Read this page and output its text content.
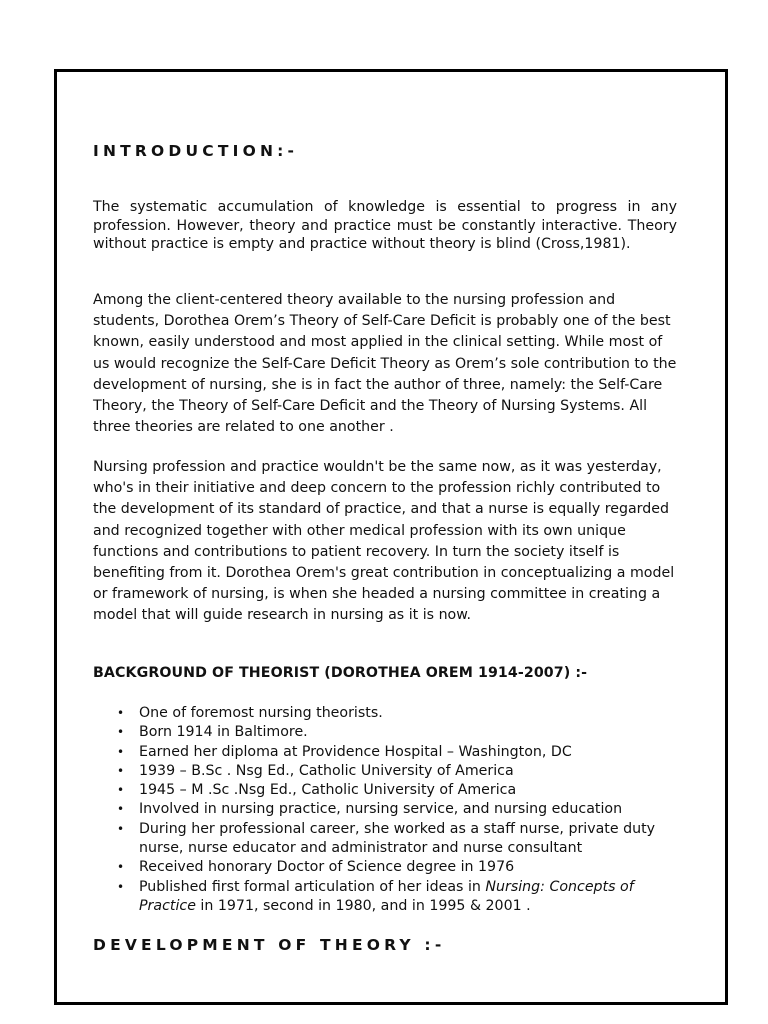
INTRODUCTION:-

The systematic accumulation of knowledge is essential to progress in any profession. However, theory and practice must be constantly interactive. Theory without practice is empty and practice without theory is blind (Cross,1981).

Among the client-centered theory available to the nursing profession and students, Dorothea Orem’s Theory of Self-Care Deficit is probably one of the best known, easily understood and most applied in the clinical setting. While most of us would recognize the Self-Care Deficit Theory as Orem’s sole contribution to the development of nursing, she is in fact the author of three, namely: the Self-Care Theory, the Theory of Self-Care Deficit and the Theory of Nursing Systems. All three theories are related to one another .

Nursing profession and practice wouldn't be the same now, as it was yesterday, who's in their initiative and deep concern to the profession richly contributed to the development of its standard of practice, and that a nurse is equally regarded and recognized together with other medical profession with its own unique functions and contributions to patient recovery. In turn the society itself is benefiting from it. Dorothea Orem's great contribution in conceptualizing a model or framework of nursing, is when she headed a nursing committee in creating a model that will guide research in nursing as it is now.

BACKGROUND OF THEORIST (DOROTHEA OREM 1914-2007) :-
• One of foremost nursing theorists.
• Born 1914 in Baltimore.
• Earned her diploma at Providence Hospital – Washington, DC
• 1939 – B.Sc . Nsg Ed., Catholic University of America
• 1945 – M .Sc .Nsg Ed., Catholic University of America
• Involved in nursing practice, nursing service, and nursing education
• During her professional career, she worked as a staff nurse, private duty nurse, nurse educator and administrator and nurse consultant
• Received honorary Doctor of Science degree in 1976
• Published first formal articulation of her ideas in Nursing: Concepts of Practice in 1971, second in 1980, and in 1995 & 2001 .
DEVELOPMENT OF THEORY :-
